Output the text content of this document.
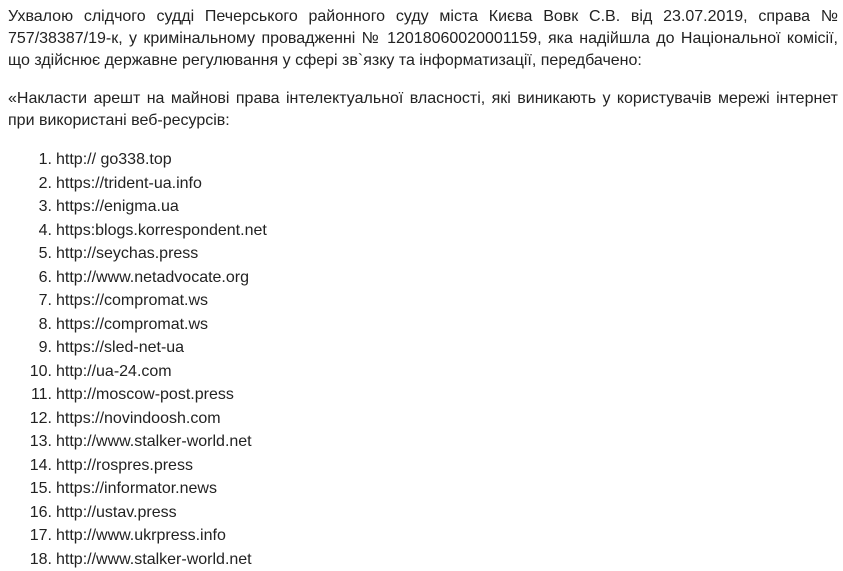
Ухвалою слідчого судді Печерського районного суду міста Києва Вовк С.В. від 23.07.2019, справа № 757/38387/19-к, у кримінальному провадженні № 12018060020001159, яка надійшла до Національної комісії, що здійснює державне регулювання у сфері зв`язку та інформатизації, передбачено:

«Накласти арешт на майнові права інтелектуальної власності, які виникають у користувачів мережі інтернет при використані веб-ресурсів:

1. http:// go338.top
2. https://trident-ua.info
3. https://enigma.ua
4. https:blogs.korrespondent.net
5. http://seychas.press
6. http://www.netadvocate.org
7. https://compromat.ws
8. https://compromat.ws
9. https://sled-net-ua
10. http://ua-24.com
11. http://moscow-post.press
12. https://novindoosh.com
13. http://www.stalker-world.net
14. http://rospres.press
15. https://informator.news
16. http://ustav.press
17. http://www.ukrpress.info
18. http://www.stalker-world.net
